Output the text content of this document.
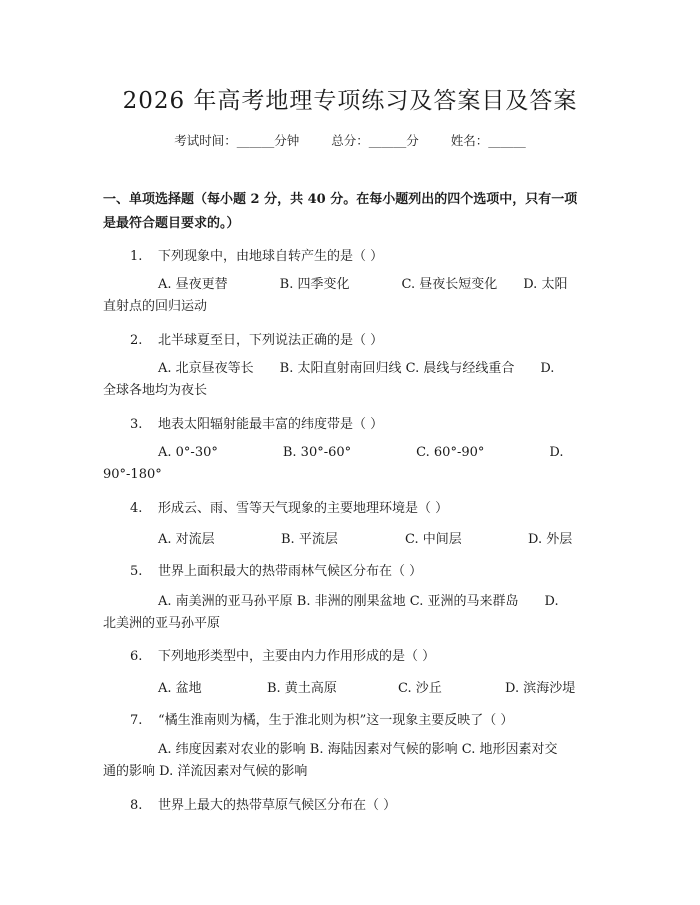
2026 年高考地理专项练习及答案目及答案
考试时间：______分钟	总分：______分	姓名：______
一、单项选择题（每小题 2 分，共 40 分。在每小题列出的四个选项中，只有一项
是最符合题目要求的。）
1. 下列现象中，由地球自转产生的是（ ）
A. 昼夜更替　　　　B. 四季变化　　　　C. 昼夜长短变化　　D. 太阳
直射点的回归运动
2. 北半球夏至日，下列说法正确的是（ ）
A. 北京昼夜等长　　B. 太阳直射南回归线 C. 晨线与经线重合　　D.
全球各地均为夜长
3. 地表太阳辐射能最丰富的纬度带是（ ）
A. 0°-30°　　　　　B. 30°-60°　　　　　C. 60°-90°　　　　　D.
90°-180°
4. 形成云、雨、雪等天气现象的主要地理环境是（ ）
A. 对流层	B. 平流层	C. 中间层	D. 外层
5. 世界上面积最大的热带雨林气候区分布在（ ）
A. 南美洲的亚马孙平原 B. 非洲的刚果盆地 C. 亚洲的马来群岛　　D.
北美洲的亚马孙平原
6. 下列地形类型中，主要由内力作用形成的是（ ）
A. 盆地	B. 黄土高原	C. 沙丘	D. 滨海沙堤
7. “橘生淮南则为橘，生于淮北则为枳”这一现象主要反映了（ ）
A. 纬度因素对农业的影响 B. 海陆因素对气候的影响 C. 地形因素对交
通的影响 D. 洋流因素对气候的影响
8. 世界上最大的热带草原气候区分布在（ ）
